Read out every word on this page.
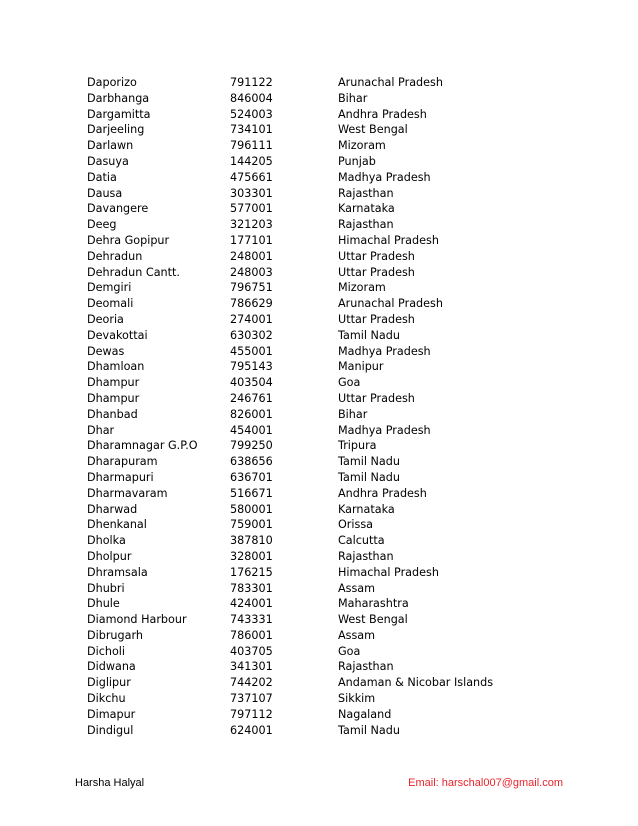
Daporizo	791122	Arunachal Pradesh
Darbhanga	846004	Bihar
Dargamitta	524003	Andhra Pradesh
Darjeeling	734101	West Bengal
Darlawn	796111	Mizoram
Dasuya	144205	Punjab
Datia	475661	Madhya Pradesh
Dausa	303301	Rajasthan
Davangere	577001	Karnataka
Deeg	321203	Rajasthan
Dehra Gopipur	177101	Himachal Pradesh
Dehradun	248001	Uttar Pradesh
Dehradun Cantt.	248003	Uttar Pradesh
Demgiri	796751	Mizoram
Deomali	786629	Arunachal Pradesh
Deoria	274001	Uttar Pradesh
Devakottai	630302	Tamil Nadu
Dewas	455001	Madhya Pradesh
Dhamloan	795143	Manipur
Dhampur	403504	Goa
Dhampur	246761	Uttar Pradesh
Dhanbad	826001	Bihar
Dhar	454001	Madhya Pradesh
Dharamnagar G.P.O	799250	Tripura
Dharapuram	638656	Tamil Nadu
Dharmapuri	636701	Tamil Nadu
Dharmavaram	516671	Andhra Pradesh
Dharwad	580001	Karnataka
Dhenkanal	759001	Orissa
Dholka	387810	Calcutta
Dholpur	328001	Rajasthan
Dhramsala	176215	Himachal Pradesh
Dhubri	783301	Assam
Dhule	424001	Maharashtra
Diamond Harbour	743331	West Bengal
Dibrugarh	786001	Assam
Dicholi	403705	Goa
Didwana	341301	Rajasthan
Diglipur	744202	Andaman & Nicobar Islands
Dikchu	737107	Sikkim
Dimapur	797112	Nagaland
Dindigul	624001	Tamil Nadu
Harsha Halyal	Email: harschal007@gmail.com
